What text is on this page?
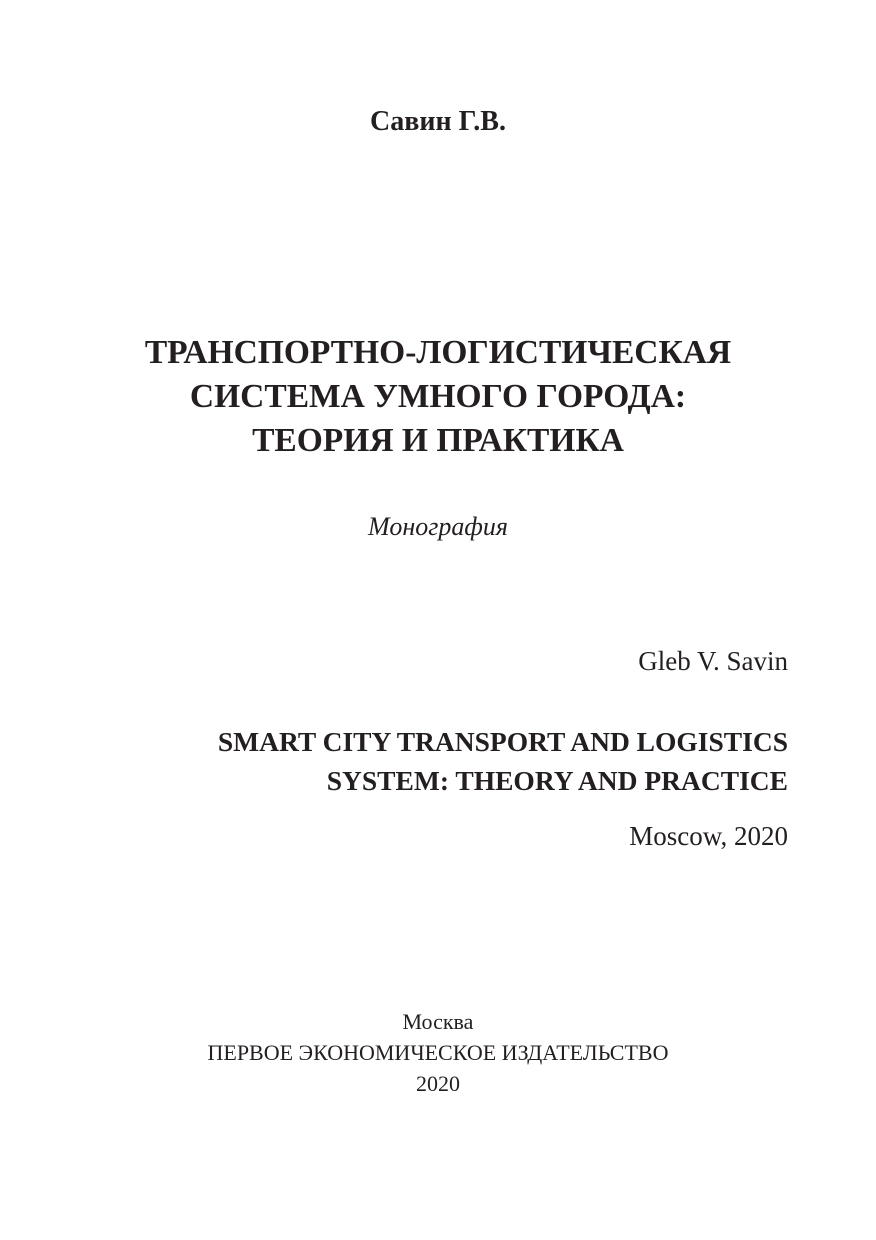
Савин Г.В.
ТРАНСПОРТНО-ЛОГИСТИЧЕСКАЯ
СИСТЕМА УМНОГО ГОРОДА:
ТЕОРИЯ И ПРАКТИКА
Монография
Gleb V. Savin
SMART CITY TRANSPORT AND LOGISTICS
SYSTEM: THEORY AND PRACTICE
Moscow, 2020
Москва
ПЕРВОЕ ЭКОНОМИЧЕСКОЕ ИЗДАТЕЛЬСТВО
2020
